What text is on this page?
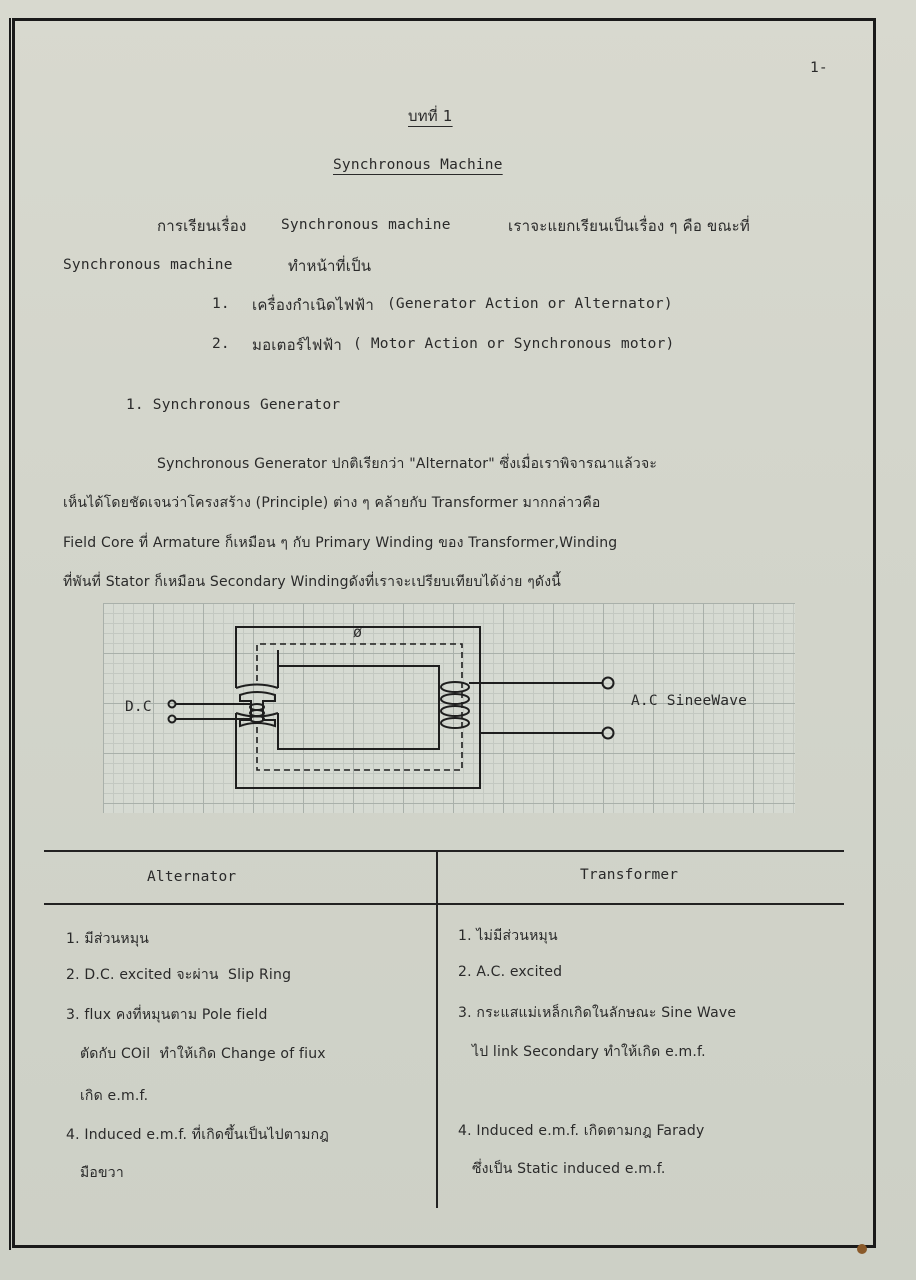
1-
บทที่ 1
Synchronous Machine
การเรียนเรื่อง Synchronous machine	เราจะแยกเรียนเป็นเรื่อง ๆ คือ ขณะที่
Synchronous machine	ทำหน้าที่เป็น
1. เครื่องกำเนิดไฟฟ้า (Generator Action or Alternator)
2. มอเตอร์ไฟฟ้า ( Motor Action or Synchronous motor)
1. Synchronous Generator
Synchronous Generator ปกติเรียกว่า "Alternator" ซึ่งเมื่อเราพิจารณาแล้วจะ
เห็นได้โดยชัดเจนว่าโครงสร้าง (Principle) ต่าง ๆ คล้ายกับ Transformer มากกล่าวคือ
Field Core ที่ Armature ก็เหมือน ๆ กับ Primary Winding ของ Transformer,Winding
ที่พันที่ Stator ก็เหมือน Secondary Windingดังที่เราจะเปรียบเทียบได้ง่าย ๆดังนี้
ø
D.C	A.C SineeWave
Alternator	Transformer
1. มีส่วนหมุน
2. D.C. excited จะผ่าน  Slip Ring
3. flux คงที่หมุนตาม Pole field
ตัดกับ COil  ทำให้เกิด Change of fiux
เกิด e.m.f.
4. Induced e.m.f. ที่เกิดขึ้นเป็นไปตามกฎ
มือขวา
1. ไม่มีส่วนหมุน
2. A.C. excited
3. กระแสแม่เหล็กเกิดในลักษณะ Sine Wave
ไป link Secondary ทำให้เกิด e.m.f.
4. Induced e.m.f. เกิดตามกฎ Farady
ซึ่งเป็น Static induced e.m.f.
